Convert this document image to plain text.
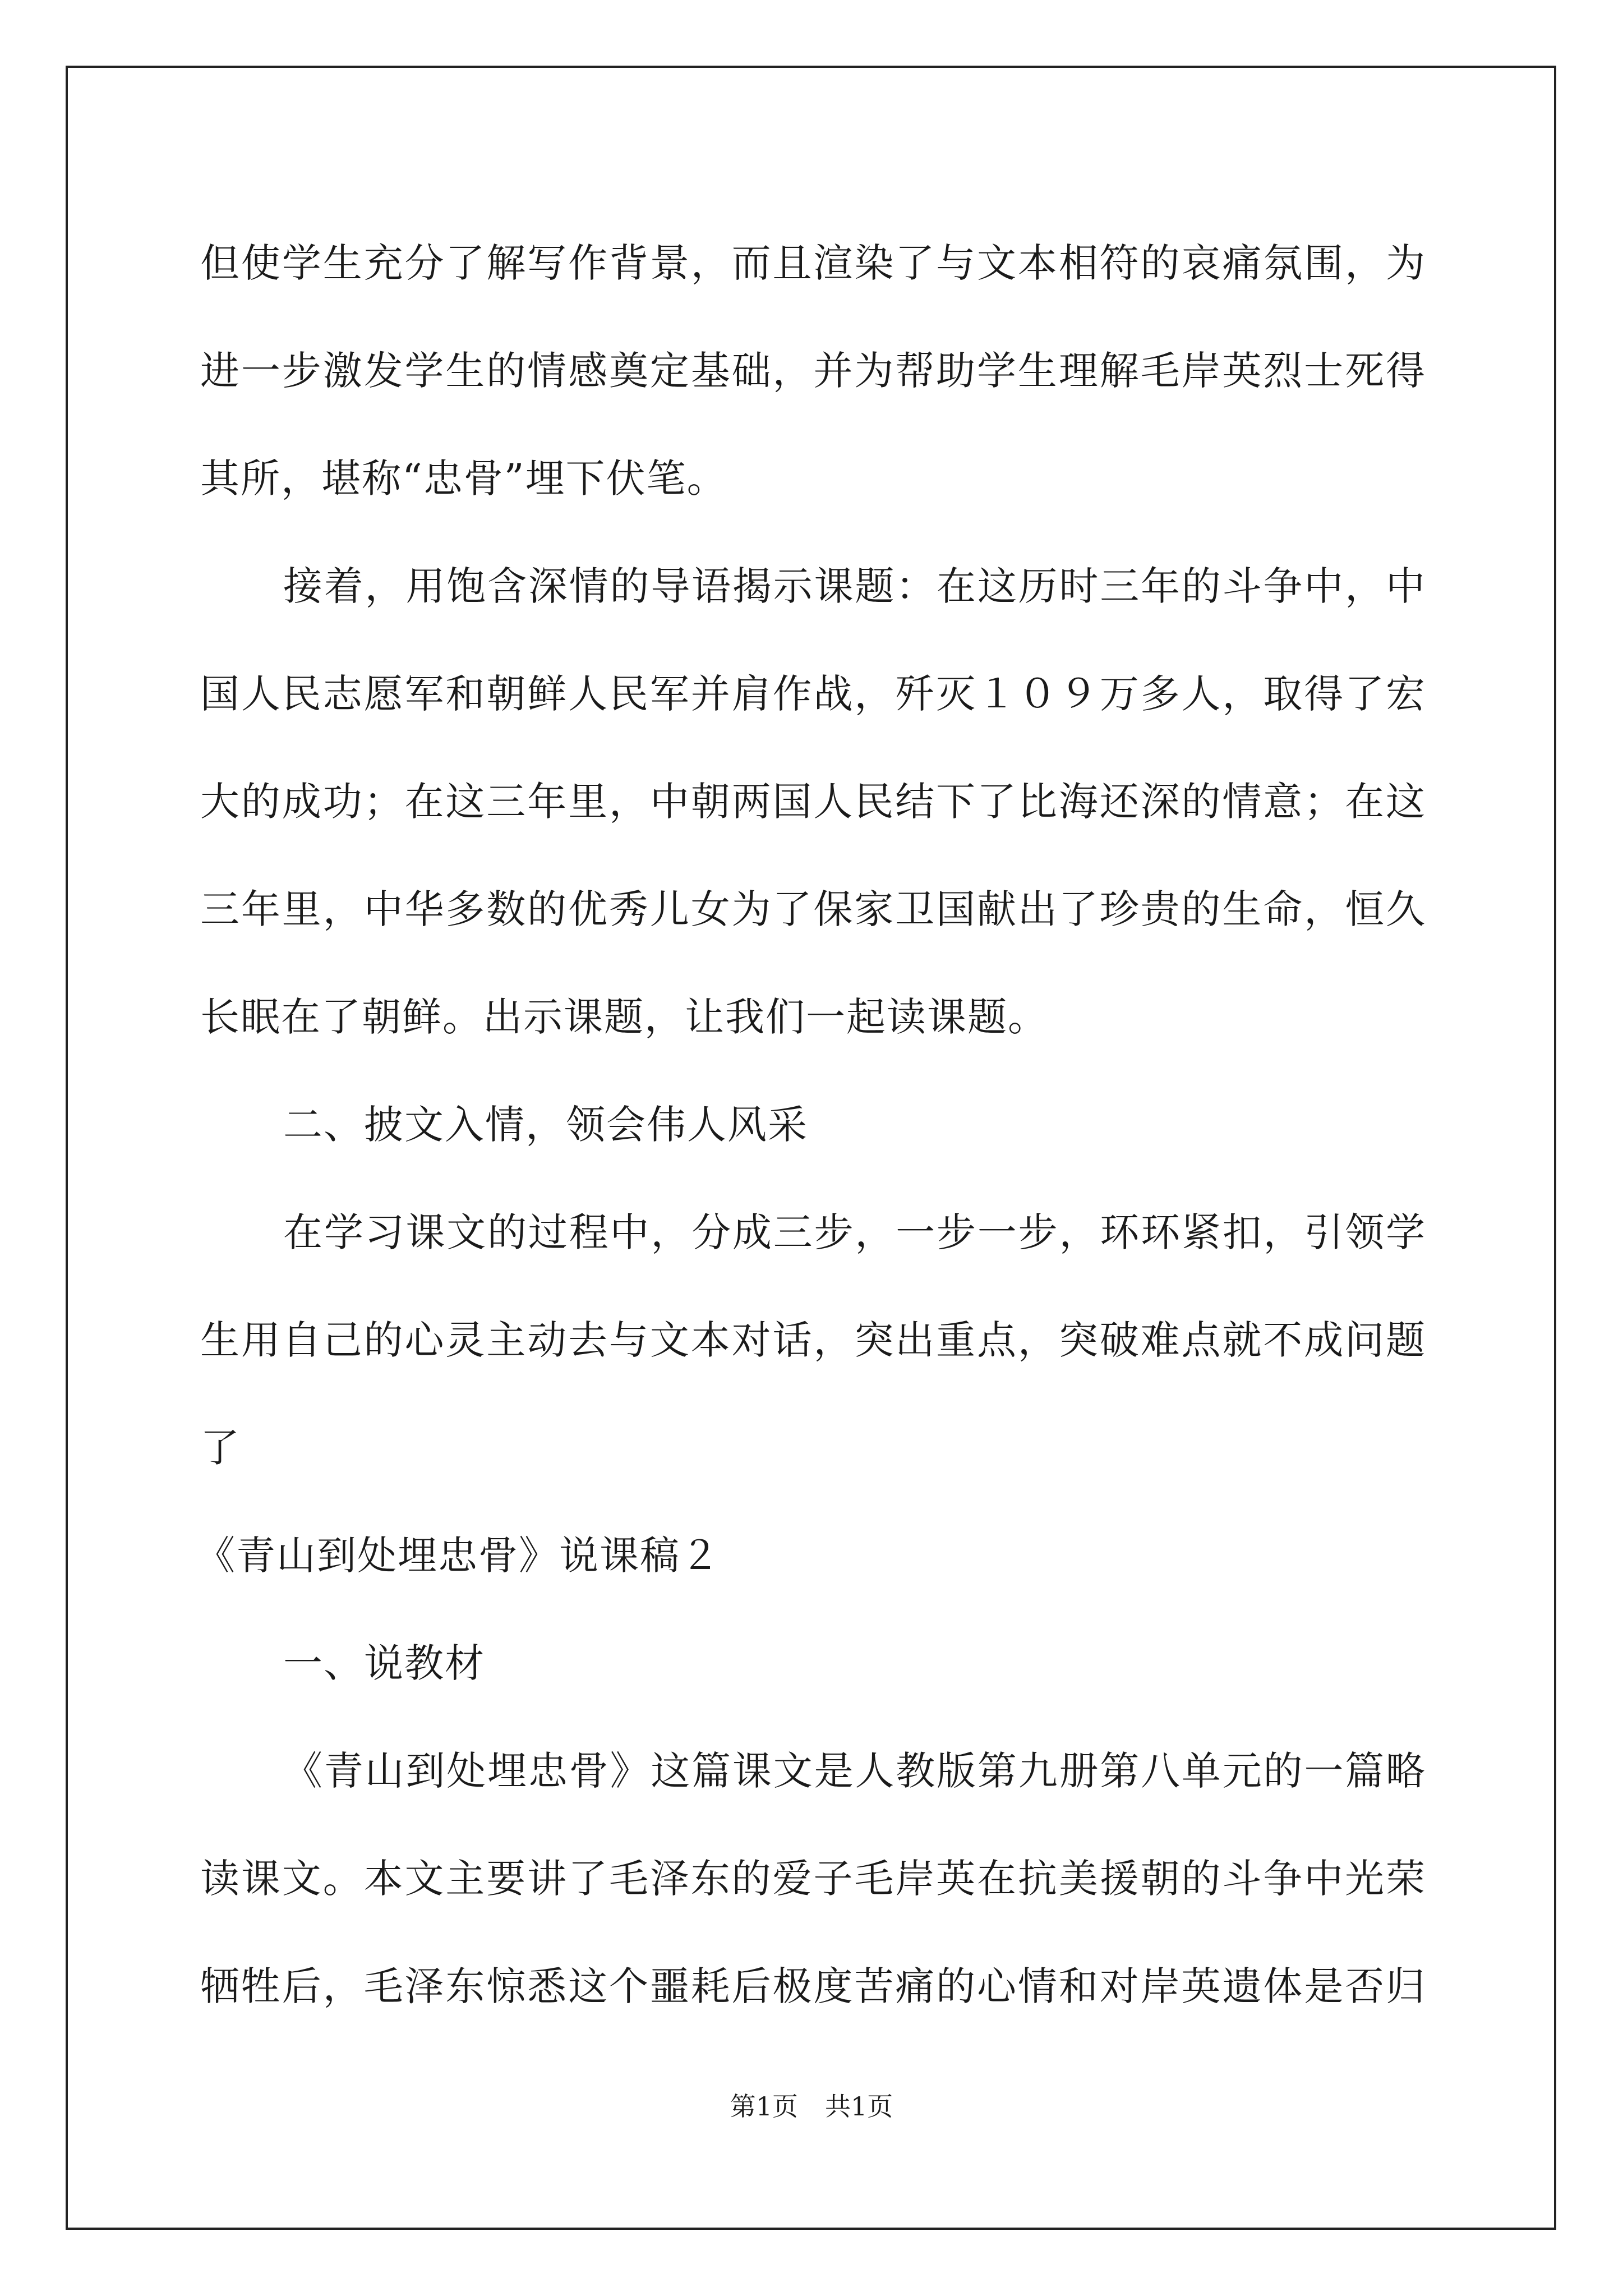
但使学生充分了解写作背景，而且渲染了与文本相符的哀痛氛围，为
进一步激发学生的情感奠定基础，并为帮助学生理解毛岸英烈士死得
其所，堪称“忠骨”埋下伏笔。
接着，用饱含深情的导语揭示课题：在这历时三年的斗争中，中
国人民志愿军和朝鲜人民军并肩作战，歼灭１０９万多人，取得了宏
大的成功；在这三年里，中朝两国人民结下了比海还深的情意；在这
三年里，中华多数的优秀儿女为了保家卫国献出了珍贵的生命，恒久
长眠在了朝鲜。出示课题，让我们一起读课题。
二、披文入情，领会伟人风采
在学习课文的过程中，分成三步，一步一步，环环紧扣，引领学
生用自己的心灵主动去与文本对话，突出重点，突破难点就不成问题
了
《青山到处埋忠骨》说课稿２
一、说教材
《青山到处埋忠骨》这篇课文是人教版第九册第八单元的一篇略
读课文。本文主要讲了毛泽东的爱子毛岸英在抗美援朝的斗争中光荣
牺牲后，毛泽东惊悉这个噩耗后极度苦痛的心情和对岸英遗体是否归
第1页 共1页
